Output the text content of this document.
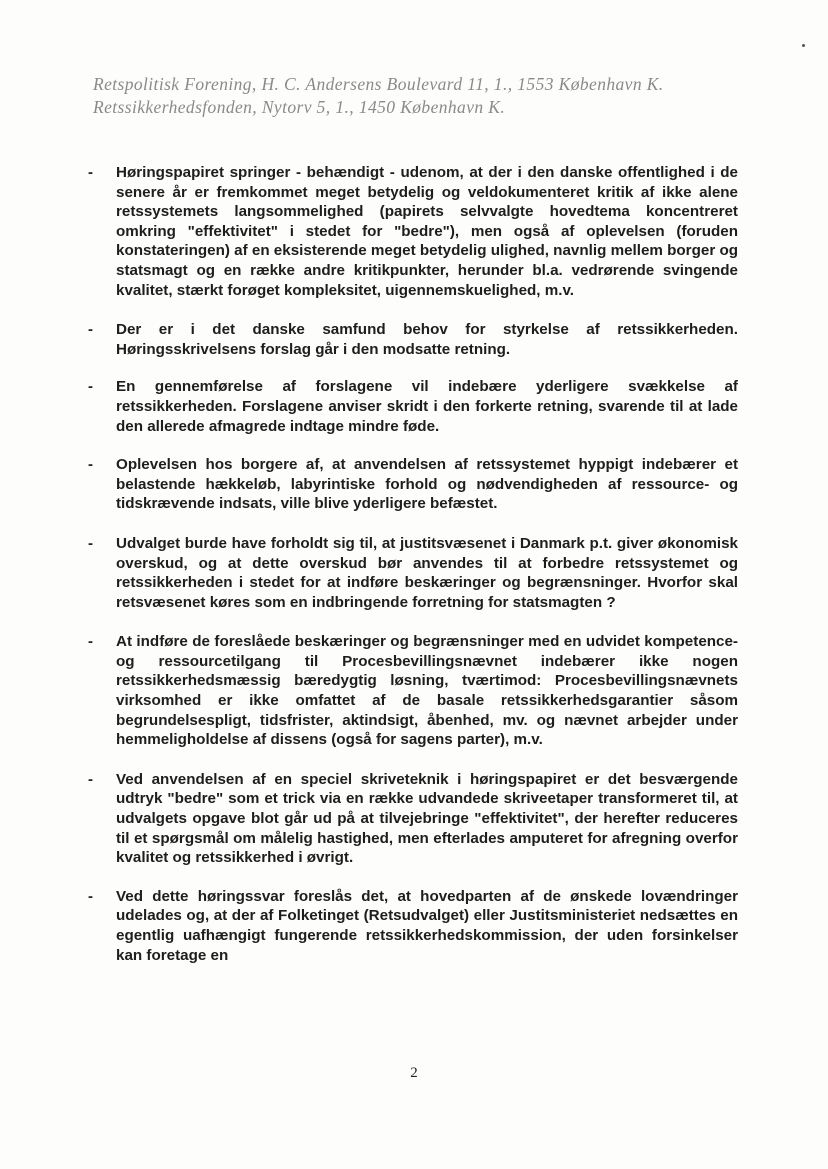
Retspolitisk Forening, H. C. Andersens Boulevard 11, 1., 1553 København K.
Retssikkerhedsfonden, Nytorv 5, 1., 1450 København K.
- Høringspapiret springer - behændigt - udenom, at der i den danske offentlighed i de senere år er fremkommet meget betydelig og veldokumenteret kritik af ikke alene retssystemets langsommelighed (papirets selvvalgte hovedtema koncentreret omkring "effektivitet" i stedet for "bedre"), men også af oplevelsen (foruden konstateringen) af en eksisterende meget betydelig ulighed, navnlig mellem borger og statsmagt og en række andre kritikpunkter, herunder bl.a. vedrørende svingende kvalitet, stærkt forøget kompleksitet, uigennemskuelighed, m.v.
- Der er i det danske samfund behov for styrkelse af retssikkerheden. Høringsskrivelsens forslag går i den modsatte retning.
- En gennemførelse af forslagene vil indebære yderligere svækkelse af retssikkerheden. Forslagene anviser skridt i den forkerte retning, svarende til at lade den allerede afmagrede indtage mindre føde.
- Oplevelsen hos borgere af, at anvendelsen af retssystemet hyppigt indebærer et belastende hækkeløb, labyrintiske forhold og nødvendigheden af ressource- og tidskrævende indsats, ville blive yderligere befæstet.
- Udvalget burde have forholdt sig til, at justitsvæsenet i Danmark p.t. giver økonomisk overskud, og at dette overskud bør anvendes til at forbedre retssystemet og retssikkerheden i stedet for at indføre beskæringer og begrænsninger. Hvorfor skal retsvæsenet køres som en indbringende forretning for statsmagten ?
- At indføre de foreslåede beskæringer og begrænsninger med en udvidet kompetence- og ressourcetilgang til Procesbevillingsnævnet indebærer ikke nogen retssikkerhedsmæssig bæredygtig løsning, tværtimod: Procesbevillingsnævnets virksomhed er ikke omfattet af de basale retssikkerhedsgarantier såsom begrundelsespligt, tidsfrister, aktindsigt, åbenhed, mv. og nævnet arbejder under hemmeligholdelse af dissens (også for sagens parter), m.v.
- Ved anvendelsen af en speciel skriveteknik i høringspapiret er det besværgende udtryk "bedre" som et trick via en række udvandede skriveetaper transformeret til, at udvalgets opgave blot går ud på at tilvejebringe "effektivitet", der herefter reduceres til et spørgsmål om målelig hastighed, men efterlades amputeret for afregning overfor kvalitet og retssikkerhed i øvrigt.
- Ved dette høringssvar foreslås det, at hovedparten af de ønskede lovændringer udelades og, at der af Folketinget (Retsudvalget) eller Justitsministeriet nedsættes en egentlig uafhængigt fungerende retssikkerhedskommission, der uden forsinkelser kan foretage en
2
